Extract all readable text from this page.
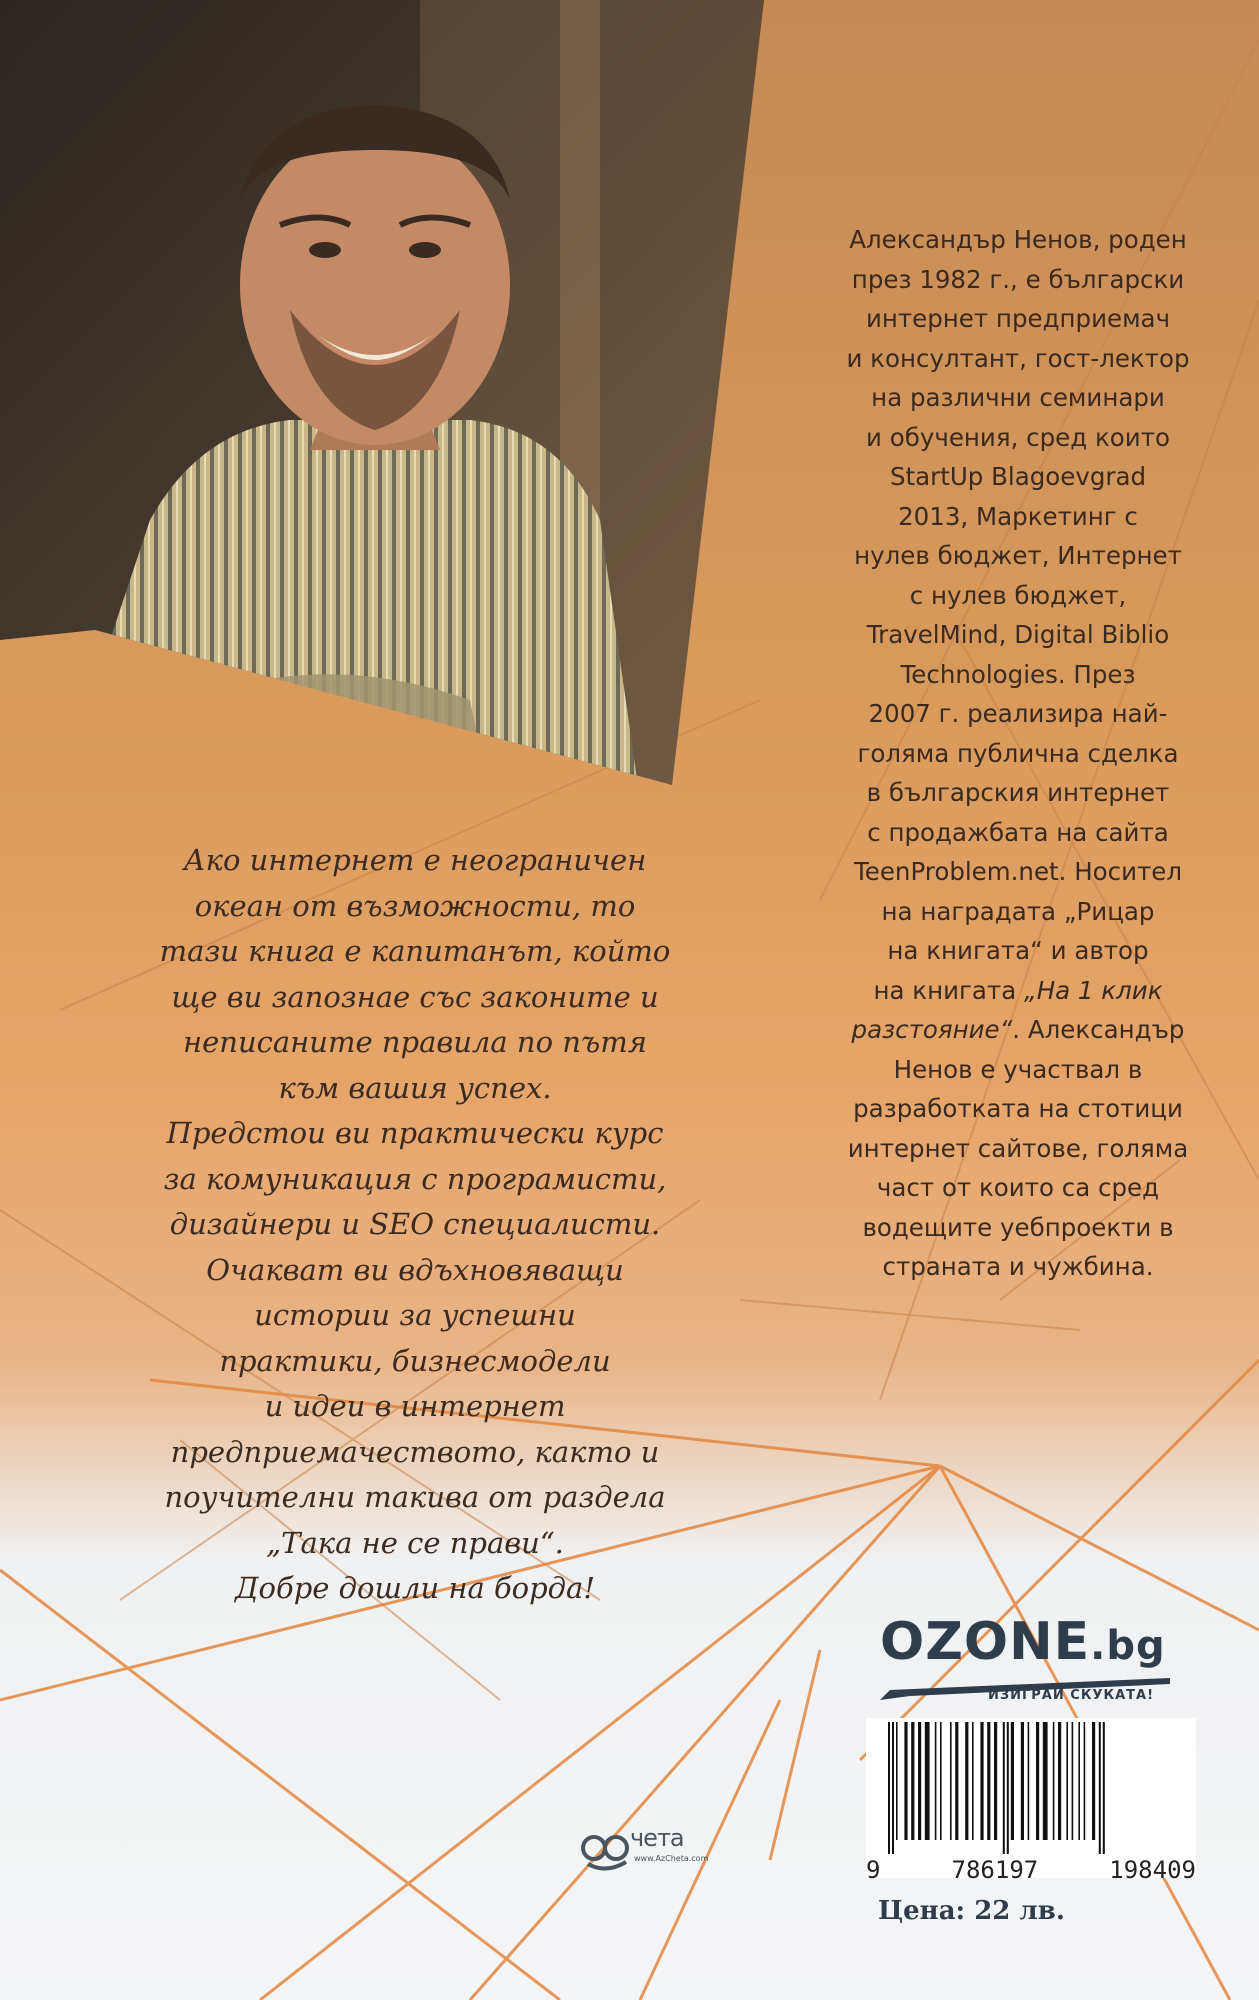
Александър Ненов, роден
през 1982 г., е български
интернет предприемач
и консултант, гост-лектор
на различни семинари
и обучения, сред които
StartUp Blagoevgrad
2013, Маркетинг с
нулев бюджет, Интернет
с нулев бюджет,
TravelMind, Digital Biblio
Technologies. През
2007 г. реализира най-
голяма публична сделка
в българския интернет
с продажбата на сайта
TeenProblem.net. Носител
на наградата „Рицар
на книгата“ и автор
на книгата „На 1 клик
разстояние“. Александър
Ненов е участвал в
разработката на стотици
интернет сайтове, голяма
част от които са сред
водещите уебпроекти в
страната и чужбина.
Ако интернет е неограничен
океан от възможности, то
тази книга е капитанът, който
ще ви запознае със законите и
неписаните правила по пътя
към вашия успех.
Предстои ви практически курс
за комуникация с програмисти,
дизайнери и SEO специалисти.
Очакват ви вдъхновяващи
истории за успешни
практики, бизнесмодели
и идеи в интернет
предприемачеството, както и
поучителни такива от раздела
„Така не се прави“.
Добре дошли на борда!

OZONE.bg

ИЗИГРАЙ СКУКАТА!

9	786197	198409

Цена: 22 лв.

чета

www.AzCheta.com
